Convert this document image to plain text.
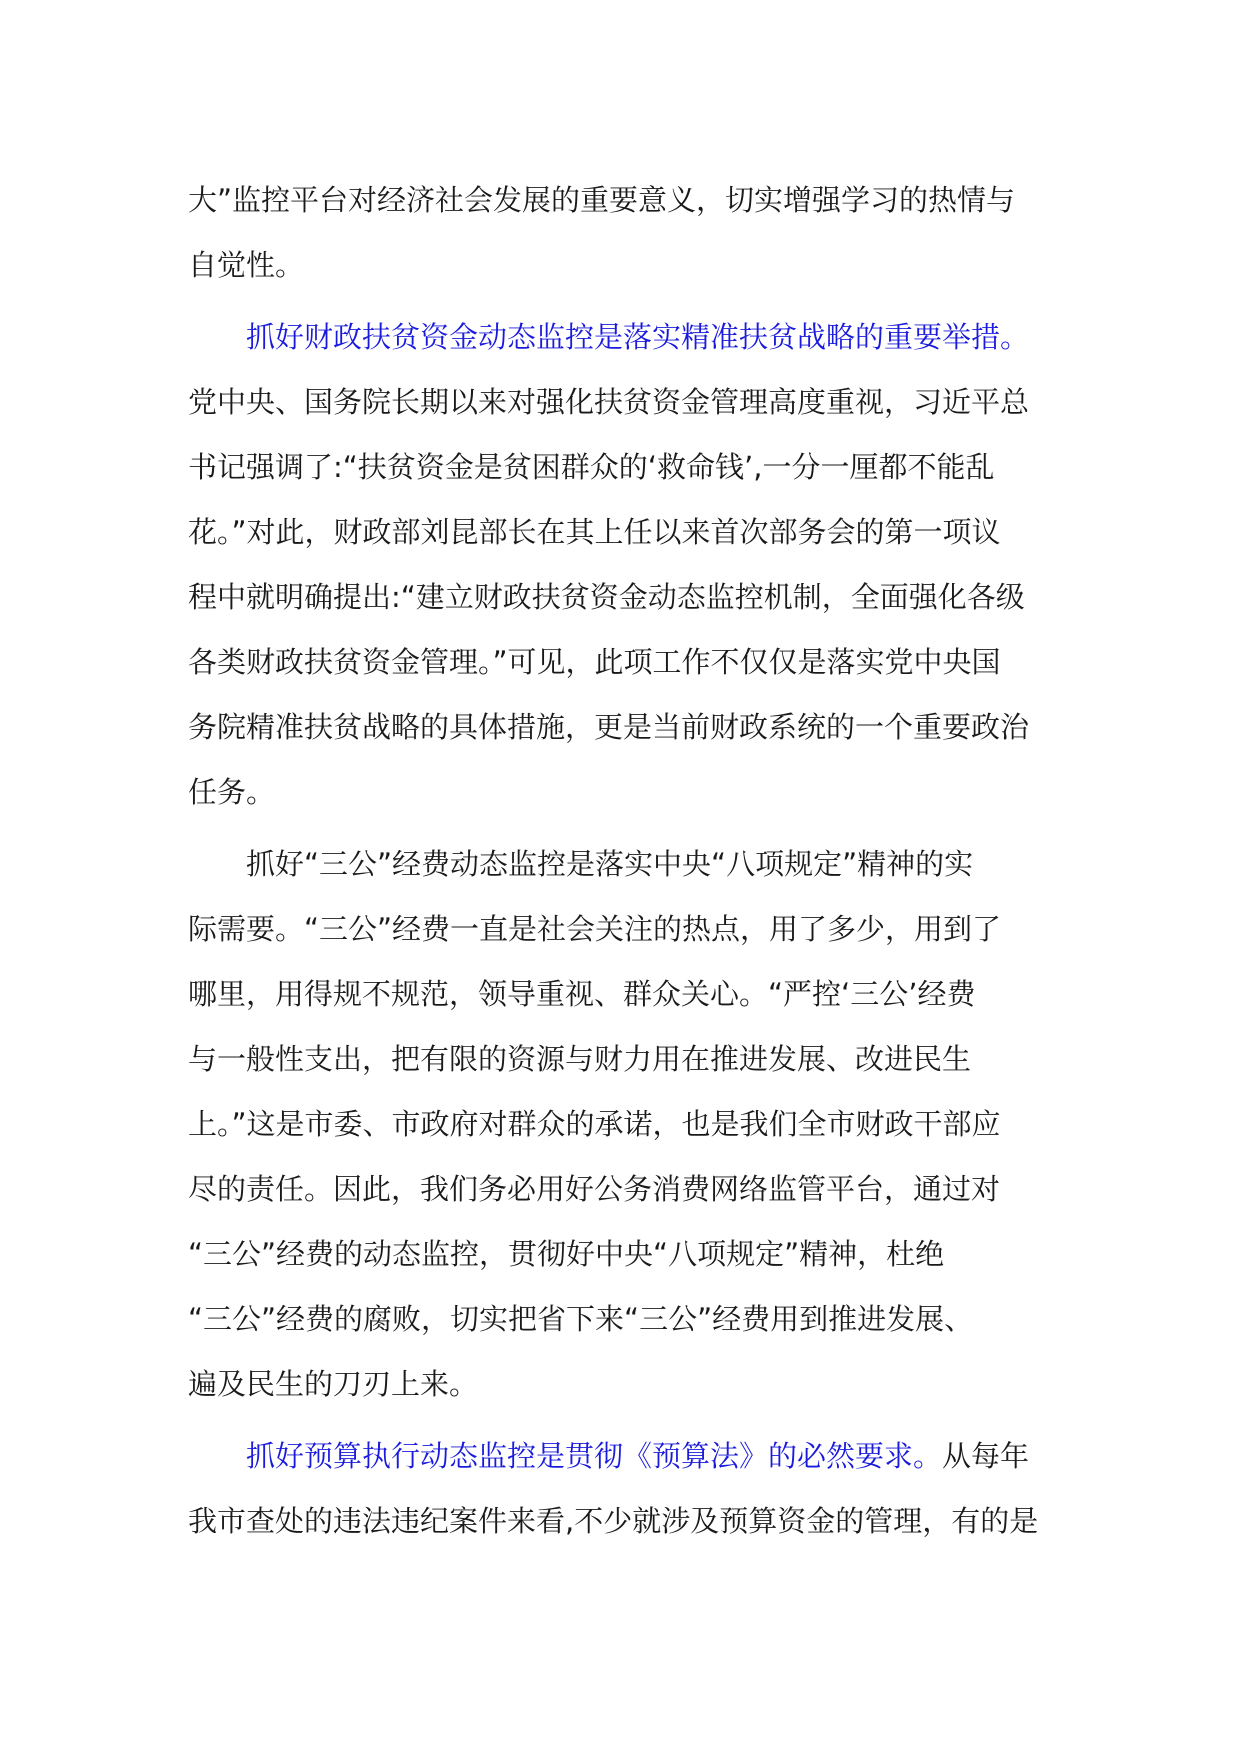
大”监控平台对经济社会发展的重要意义，切实增强学习的热情与
自觉性。
抓好财政扶贫资金动态监控是落实精准扶贫战略的重要举措。
党中央、国务院长期以来对强化扶贫资金管理高度重视，习近平总
书记强调了:“扶贫资金是贫困群众的‘救命钱’,一分一厘都不能乱
花。”对此，财政部刘昆部长在其上任以来首次部务会的第一项议
程中就明确提出:“建立财政扶贫资金动态监控机制，全面强化各级
各类财政扶贫资金管理。”可见，此项工作不仅仅是落实党中央国
务院精准扶贫战略的具体措施，更是当前财政系统的一个重要政治
任务。
抓好“三公”经费动态监控是落实中央“八项规定”精神的实
际需要。“三公”经费一直是社会关注的热点，用了多少，用到了
哪里，用得规不规范，领导重视、群众关心。“严控‘三公’经费
与一般性支出，把有限的资源与财力用在推进发展、改进民生
上。”这是市委、市政府对群众的承诺，也是我们全市财政干部应
尽的责任。因此，我们务必用好公务消费网络监管平台，通过对
“三公”经费的动态监控，贯彻好中央“八项规定”精神，杜绝
“三公”经费的腐败，切实把省下来“三公”经费用到推进发展、
遍及民生的刀刃上来。
抓好预算执行动态监控是贯彻《预算法》的必然要求。从每年
我市查处的违法违纪案件来看,不少就涉及预算资金的管理，有的是
